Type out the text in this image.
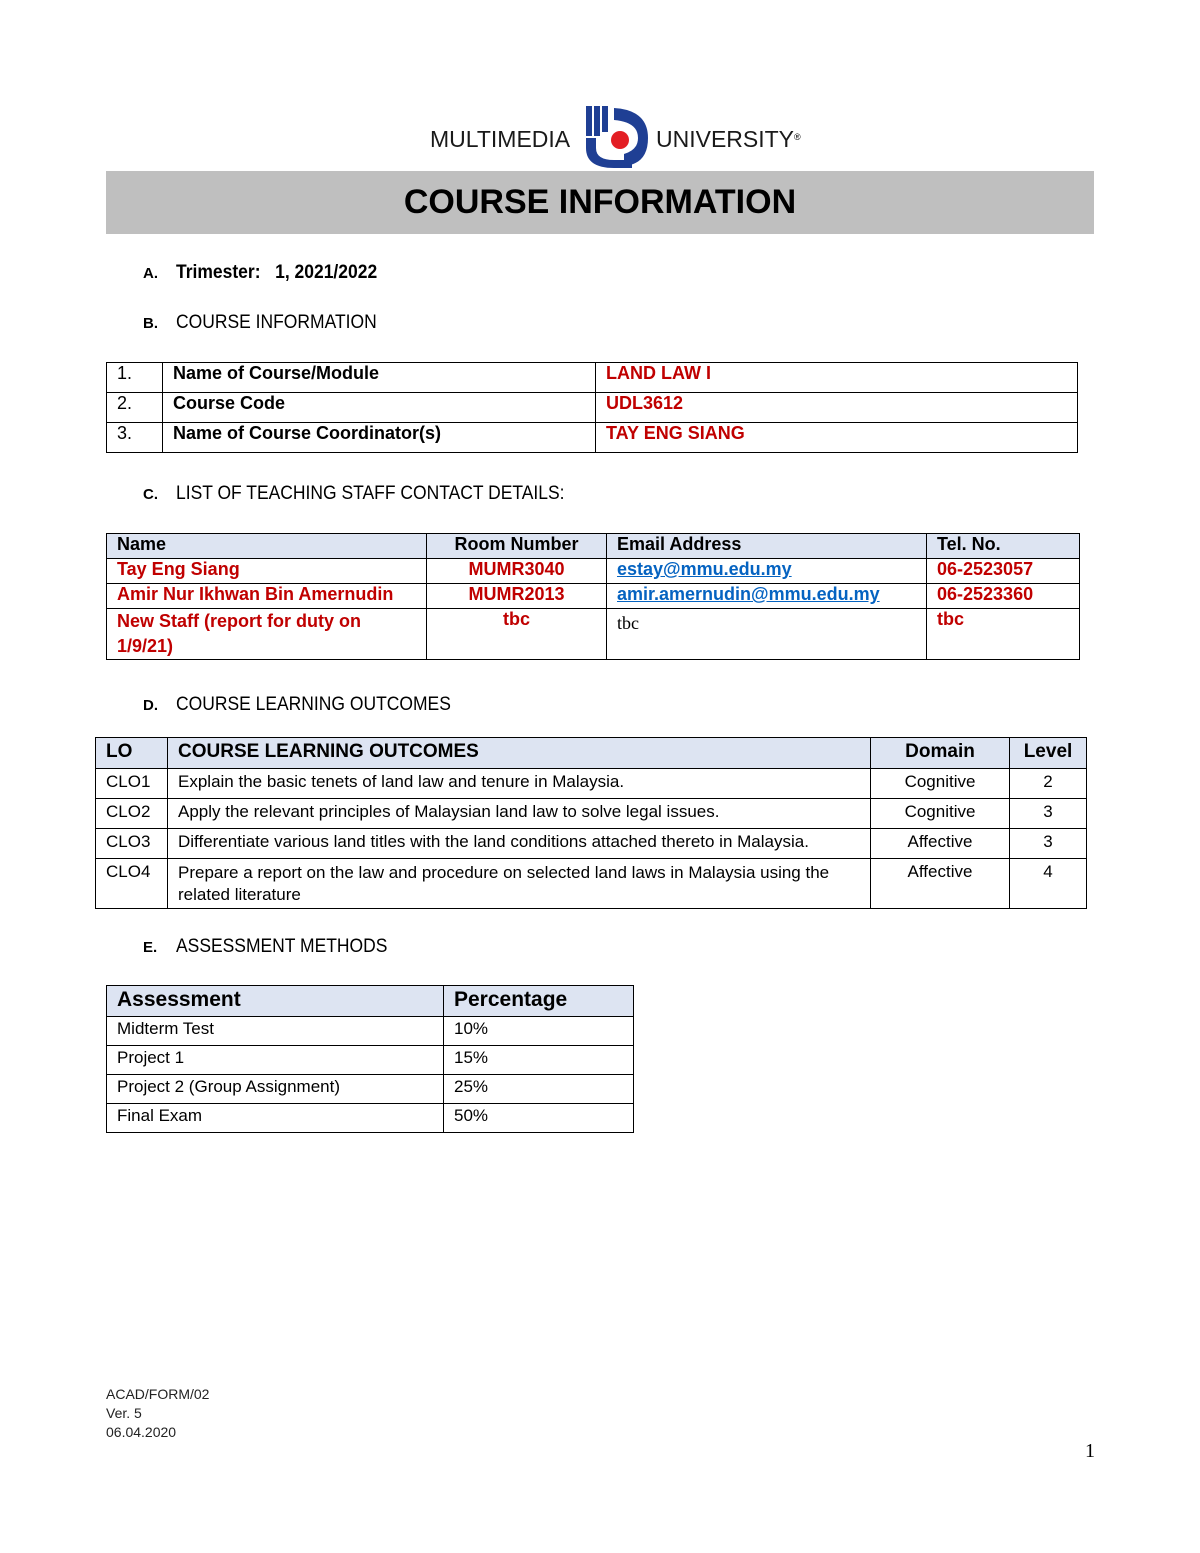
MULTIMEDIA	UNIVERSITY ®
COURSE INFORMATION
A. Trimester: 1, 2021/2022
B. COURSE INFORMATION
1.	Name of Course/Module	LAND LAW I
2.	Course Code	UDL3612
3.	Name of Course Coordinator(s)	TAY ENG SIANG
C. LIST OF TEACHING STAFF CONTACT DETAILS:
Name	Room Number	Email Address	Tel. No.
Tay Eng Siang	MUMR3040	estay@mmu.edu.my	06-2523057
Amir Nur Ikhwan Bin Amernudin	MUMR2013	amir.amernudin@mmu.edu.my	06-2523360
New Staff (report for duty on 1/9/21)	tbc	tbc	tbc
D. COURSE LEARNING OUTCOMES
LO	COURSE LEARNING OUTCOMES	Domain	Level
CLO1	Explain the basic tenets of land law and tenure in Malaysia.	Cognitive	2
CLO2	Apply the relevant principles of Malaysian land law to solve legal issues.	Cognitive	3
CLO3	Differentiate various land titles with the land conditions attached thereto in Malaysia.	Affective	3
CLO4	Prepare a report on the law and procedure on selected land laws in Malaysia using the related literature	Affective	4
E. ASSESSMENT METHODS
Assessment	Percentage
Midterm Test	10%
Project 1	15%
Project 2 (Group Assignment)	25%
Final Exam	50%
ACAD/FORM/02
Ver. 5
06.04.2020
1
